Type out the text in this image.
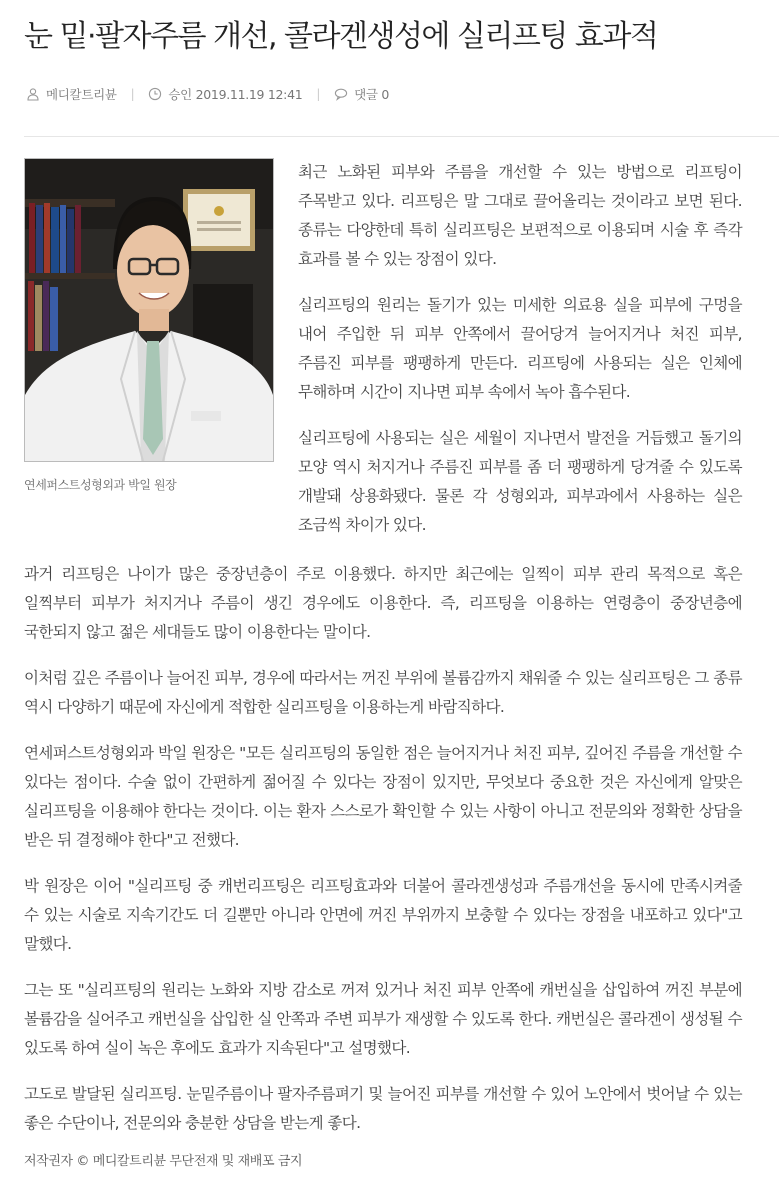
눈 밑·팔자주름 개선, 콜라겐생성에 실리프팅 효과적
메디칼트리뷴 |	승인 2019.11.19 12:41 |	댓글 0
연세퍼스트성형외과 박일 원장

최근 노화된 피부와 주름을 개선할 수 있는 방법으로 리프팅이 주목받고 있다. 리프팅은 말 그대로 끌어올리는 것이라고 보면 된다. 종류는 다양한데 특히 실리프팅은 보편적으로 이용되며 시술 후 즉각 효과를 볼 수 있는 장점이 있다.

실리프팅의 원리는 돌기가 있는 미세한 의료용 실을 피부에 구멍을 내어 주입한 뒤 피부 안쪽에서 끌어당겨 늘어지거나 처진 피부, 주름진 피부를 팽팽하게 만든다. 리프팅에 사용되는 실은 인체에 무해하며 시간이 지나면 피부 속에서 녹아 흡수된다.

실리프팅에 사용되는 실은 세월이 지나면서 발전을 거듭했고 돌기의 모양 역시 처지거나 주름진 피부를 좀 더 팽팽하게 당겨줄 수 있도록 개발돼 상용화됐다. 물론 각 성형외과, 피부과에서 사용하는 실은 조금씩 차이가 있다.

과거 리프팅은 나이가 많은 중장년층이 주로 이용했다. 하지만 최근에는 일찍이 피부 관리 목적으로 혹은 일찍부터 피부가 처지거나 주름이 생긴 경우에도 이용한다. 즉, 리프팅을 이용하는 연령층이 중장년층에 국한되지 않고 젊은 세대들도 많이 이용한다는 말이다.

이처럼 깊은 주름이나 늘어진 피부, 경우에 따라서는 꺼진 부위에 볼륨감까지 채워줄 수 있는 실리프팅은 그 종류 역시 다양하기 때문에 자신에게 적합한 실리프팅을 이용하는게 바람직하다.

연세퍼스트성형외과 박일 원장은 "모든 실리프팅의 동일한 점은 늘어지거나 처진 피부, 깊어진 주름을 개선할 수 있다는 점이다. 수술 없이 간편하게 젊어질 수 있다는 장점이 있지만, 무엇보다 중요한 것은 자신에게 알맞은 실리프팅을 이용해야 한다는 것이다. 이는 환자 스스로가 확인할 수 있는 사항이 아니고 전문의와 정확한 상담을 받은 뒤 결정해야 한다"고 전했다.

박 원장은 이어 "실리프팅 중 캐번리프팅은 리프팅효과와 더불어 콜라겐생성과 주름개선을 동시에 만족시켜줄 수 있는 시술로 지속기간도 더 길뿐만 아니라 안면에 꺼진 부위까지 보충할 수 있다는 장점을 내포하고 있다"고 말했다.

그는 또 "실리프팅의 원리는 노화와 지방 감소로 꺼져 있거나 처진 피부 안쪽에 캐번실을 삽입하여 꺼진 부분에 볼륨감을 실어주고 캐번실을 삽입한 실 안쪽과 주변 피부가 재생할 수 있도록 한다. 캐번실은 콜라겐이 생성될 수 있도록 하여 실이 녹은 후에도 효과가 지속된다"고 설명했다.

고도로 발달된 실리프팅. 눈밑주름이나 팔자주름펴기 및 늘어진 피부를 개선할 수 있어 노안에서 벗어날 수 있는 좋은 수단이나, 전문의와 충분한 상담을 받는게 좋다.

저작권자 © 메디칼트리뷴 무단전재 및 재배포 금지
